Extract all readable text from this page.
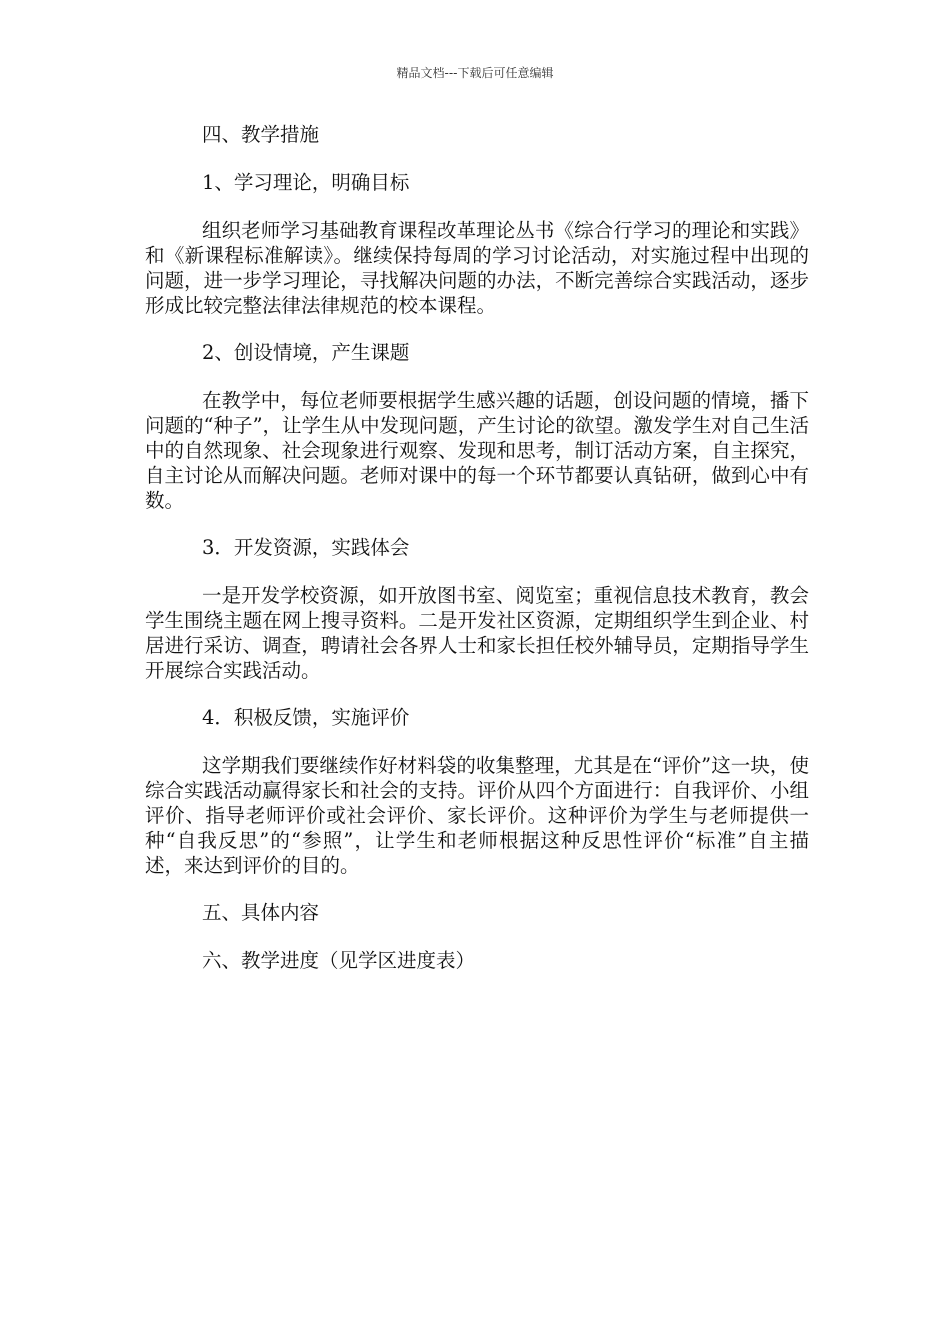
精品文档---下载后可任意编辑
四、教学措施
1、学习理论，明确目标
组织老师学习基础教育课程改革理论丛书《综合行学习的理论和实践》和《新课程标准解读》。继续保持每周的学习讨论活动，对实施过程中出现的问题，进一步学习理论，寻找解决问题的办法，不断完善综合实践活动，逐步形成比较完整法律法律规范的校本课程。
2、创设情境，产生课题
在教学中，每位老师要根据学生感兴趣的话题，创设问题的情境，播下问题的“种子”，让学生从中发现问题，产生讨论的欲望。激发学生对自己生活中的自然现象、社会现象进行观察、发现和思考，制订活动方案，自主探究，自主讨论从而解决问题。老师对课中的每一个环节都要认真钻研，做到心中有数。
3．开发资源，实践体会
一是开发学校资源，如开放图书室、阅览室；重视信息技术教育，教会学生围绕主题在网上搜寻资料。二是开发社区资源，定期组织学生到企业、村居进行采访、调查，聘请社会各界人士和家长担任校外辅导员，定期指导学生开展综合实践活动。
4．积极反馈，实施评价
这学期我们要继续作好材料袋的收集整理，尤其是在“评价”这一块，使综合实践活动赢得家长和社会的支持。评价从四个方面进行：自我评价、小组评价、指导老师评价或社会评价、家长评价。这种评价为学生与老师提供一种“自我反思”的“参照”，让学生和老师根据这种反思性评价“标准”自主描述，来达到评价的目的。
五、具体内容
六、教学进度（见学区进度表）
